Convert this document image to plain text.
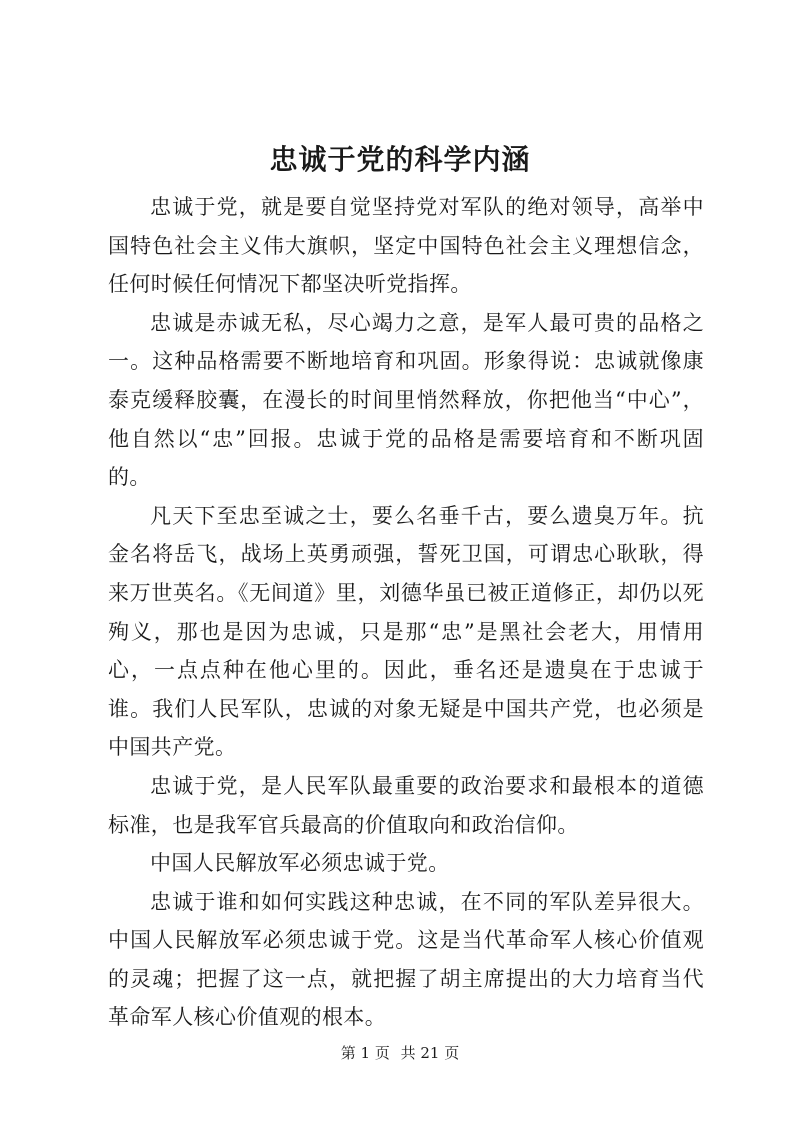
忠诚于党的科学内涵

忠诚于党，就是要自觉坚持党对军队的绝对领导，高举中国特色社会主义伟大旗帜，坚定中国特色社会主义理想信念，任何时候任何情况下都坚决听党指挥。

忠诚是赤诚无私，尽心竭力之意，是军人最可贵的品格之一。这种品格需要不断地培育和巩固。形象得说：忠诚就像康泰克缓释胶囊，在漫长的时间里悄然释放，你把他当“中心”，他自然以“忠”回报。忠诚于党的品格是需要培育和不断巩固的。

凡天下至忠至诚之士，要么名垂千古，要么遗臭万年。抗金名将岳飞，战场上英勇顽强，誓死卫国，可谓忠心耿耿，得来万世英名。《无间道》里，刘德华虽已被正道修正，却仍以死殉义，那也是因为忠诚，只是那“忠”是黑社会老大，用情用心，一点点种在他心里的。因此，垂名还是遗臭在于忠诚于谁。我们人民军队，忠诚的对象无疑是中国共产党，也必须是中国共产党。

忠诚于党，是人民军队最重要的政治要求和最根本的道德标准，也是我军官兵最高的价值取向和政治信仰。

中国人民解放军必须忠诚于党。

忠诚于谁和如何实践这种忠诚，在不同的军队差异很大。中国人民解放军必须忠诚于党。这是当代革命军人核心价值观的灵魂；把握了这一点，就把握了胡主席提出的大力培育当代革命军人核心价值观的根本。

第 1 页 共 21 页
